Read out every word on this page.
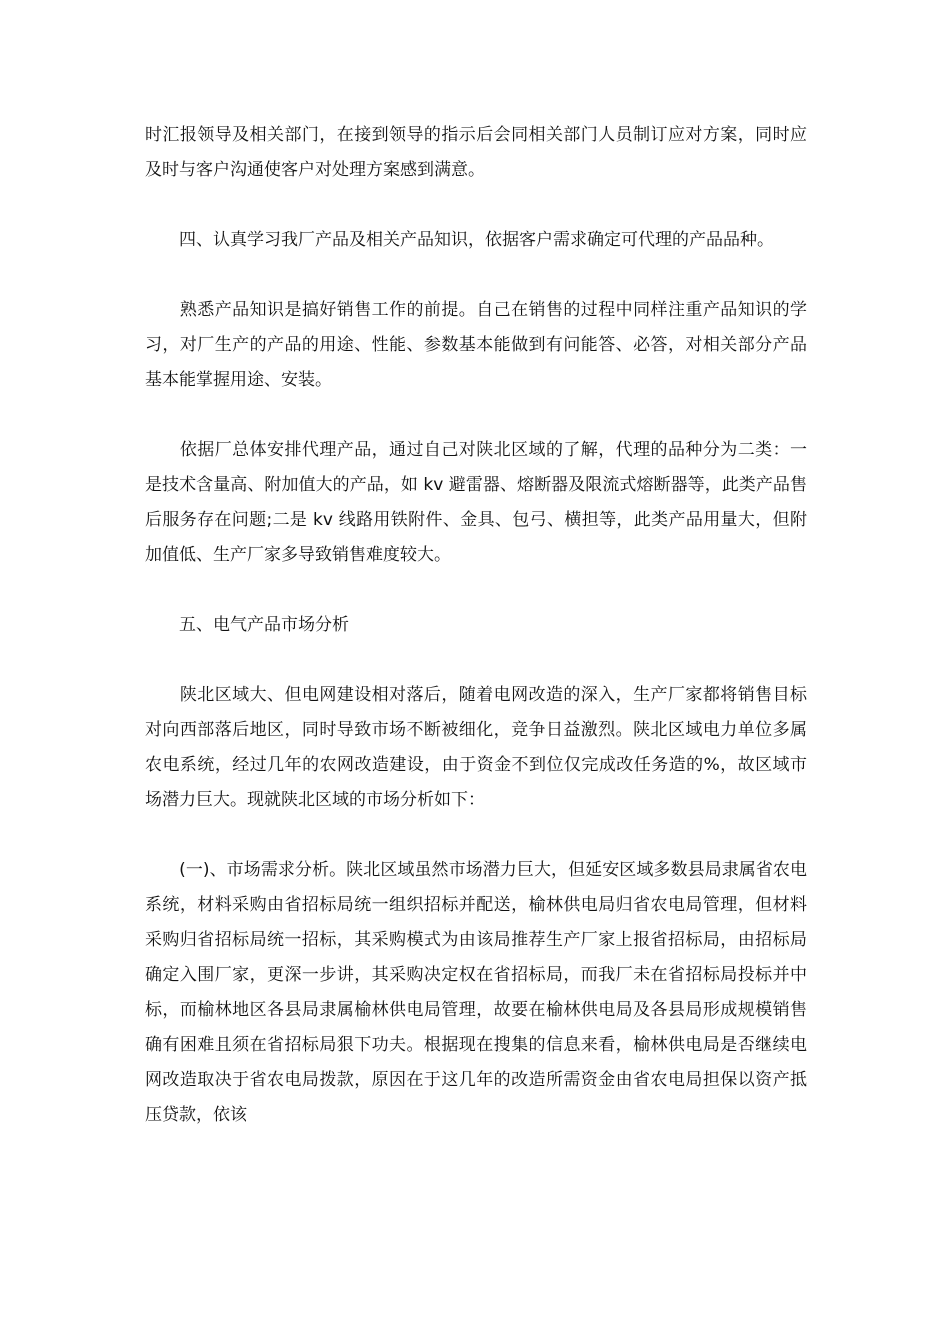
时汇报领导及相关部门，在接到领导的指示后会同相关部门人员制订应对方案，同时应及时与客户沟通使客户对处理方案感到满意。

　　四、认真学习我厂产品及相关产品知识，依据客户需求确定可代理的产品品种。

　　熟悉产品知识是搞好销售工作的前提。自己在销售的过程中同样注重产品知识的学习，对厂生产的产品的用途、性能、参数基本能做到有问能答、必答，对相关部分产品基本能掌握用途、安装。

　　依据厂总体安排代理产品，通过自己对陕北区域的了解，代理的品种分为二类：一是技术含量高、附加值大的产品，如 kv 避雷器、熔断器及限流式熔断器等，此类产品售后服务存在问题;二是 kv 线路用铁附件、金具、包弓、横担等，此类产品用量大，但附加值低、生产厂家多导致销售难度较大。

　　五、电气产品市场分析

　　陕北区域大、但电网建设相对落后，随着电网改造的深入，生产厂家都将销售目标对向西部落后地区，同时导致市场不断被细化，竞争日益激烈。陕北区域电力单位多属农电系统，经过几年的农网改造建设，由于资金不到位仅完成改任务造的%，故区域市场潜力巨大。现就陕北区域的市场分析如下：

　　(一)、市场需求分析。陕北区域虽然市场潜力巨大，但延安区域多数县局隶属省农电系统，材料采购由省招标局统一组织招标并配送，榆林供电局归省农电局管理，但材料采购归省招标局统一招标，其采购模式为由该局推荐生产厂家上报省招标局，由招标局确定入围厂家，更深一步讲，其采购决定权在省招标局，而我厂未在省招标局投标并中标，而榆林地区各县局隶属榆林供电局管理，故要在榆林供电局及各县局形成规模销售确有困难且须在省招标局狠下功夫。根据现在搜集的信息来看，榆林供电局是否继续电网改造取决于省农电局拨款，原因在于这几年的改造所需资金由省农电局担保以资产抵压贷款，依该
